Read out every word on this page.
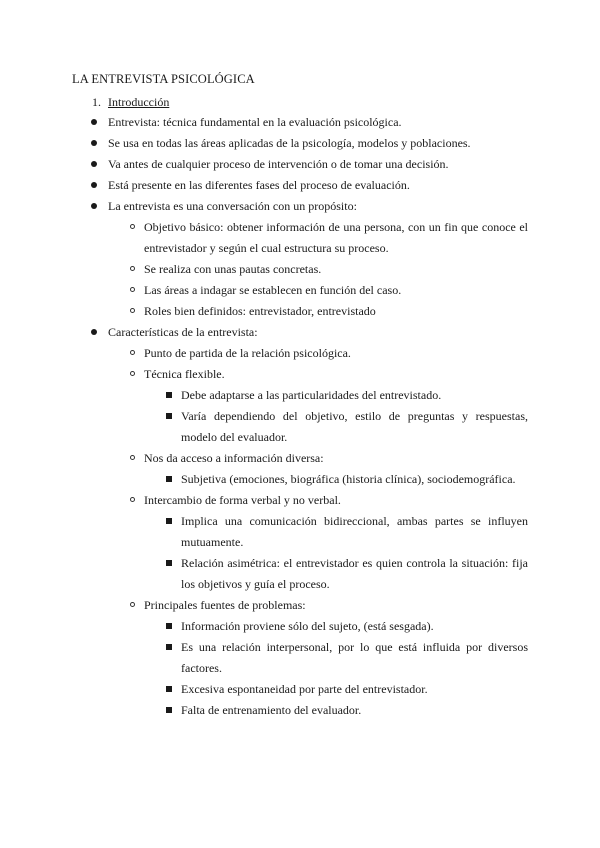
LA ENTREVISTA PSICOLÓGICA
1. Introducción
Entrevista: técnica fundamental en la evaluación psicológica.
Se usa en todas las áreas aplicadas de la psicología, modelos y poblaciones.
Va antes de cualquier proceso de intervención o de tomar una decisión.
Está presente en las diferentes fases del proceso de evaluación.
La entrevista es una conversación con un propósito:
Objetivo básico: obtener información de una persona, con un fin que conoce el
entrevistador y según el cual estructura su proceso.
Se realiza con unas pautas concretas.
Las áreas a indagar se establecen en función del caso.
Roles bien definidos: entrevistador, entrevistado
Características de la entrevista:
Punto de partida de la relación psicológica.
Técnica flexible.
Debe adaptarse a las particularidades del entrevistado.
Varía dependiendo del objetivo, estilo de preguntas y respuestas,
modelo del evaluador.
Nos da acceso a información diversa:
Subjetiva (emociones, biográfica (historia clínica), sociodemográfica.
Intercambio de forma verbal y no verbal.
Implica una comunicación bidireccional, ambas partes se influyen
mutuamente.
Relación asimétrica: el entrevistador es quien controla la situación: fija
los objetivos y guía el proceso.
Principales fuentes de problemas:
Información proviene sólo del sujeto, (está sesgada).
Es una relación interpersonal, por lo que está influida por diversos
factores.
Excesiva espontaneidad por parte del entrevistador.
Falta de entrenamiento del evaluador.
